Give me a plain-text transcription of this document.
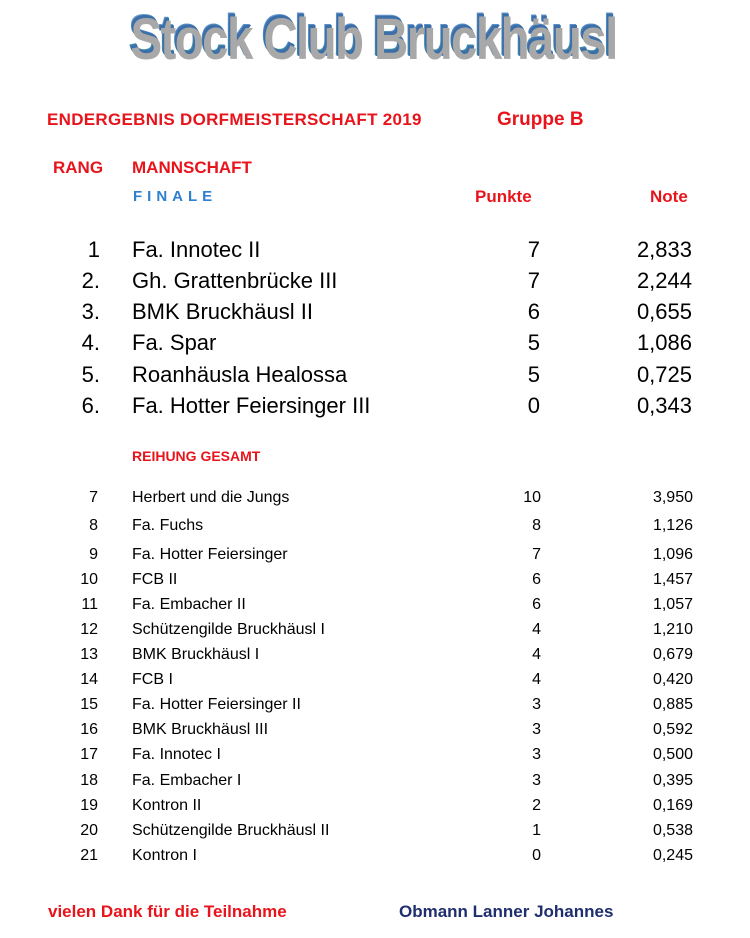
Stock Club Bruckhäusl
ENDERGEBNIS DORFMEISTERSCHAFT 2019	Gruppe B
RANG MANNSCHAFT
FINALE	Punkte	Note
1 Fa. Innotec II	7	2,833
2. Gh. Grattenbrücke III	7	2,244
3. BMK Bruckhäusl II	6	0,655
4. Fa. Spar	5	1,086
5. Roanhäusla Healossa	5	0,725
6. Fa. Hotter Feiersinger III	0	0,343
REIHUNG GESAMT
7 Herbert und die Jungs	10	3,950
8 Fa. Fuchs	8	1,126
9 Fa. Hotter Feiersinger	7	1,096
10 FCB II	6	1,457
11 Fa. Embacher II	6	1,057
12 Schützengilde Bruckhäusl I	4	1,210
13 BMK Bruckhäusl I	4	0,679
14 FCB I	4	0,420
15 Fa. Hotter Feiersinger II	3	0,885
16 BMK Bruckhäusl III	3	0,592
17 Fa. Innotec I	3	0,500
18 Fa. Embacher I	3	0,395
19 Kontron II	2	0,169
20 Schützengilde Bruckhäusl II	1	0,538
21 Kontron I	0	0,245
vielen Dank für die Teilnahme	Obmann Lanner Johannes
